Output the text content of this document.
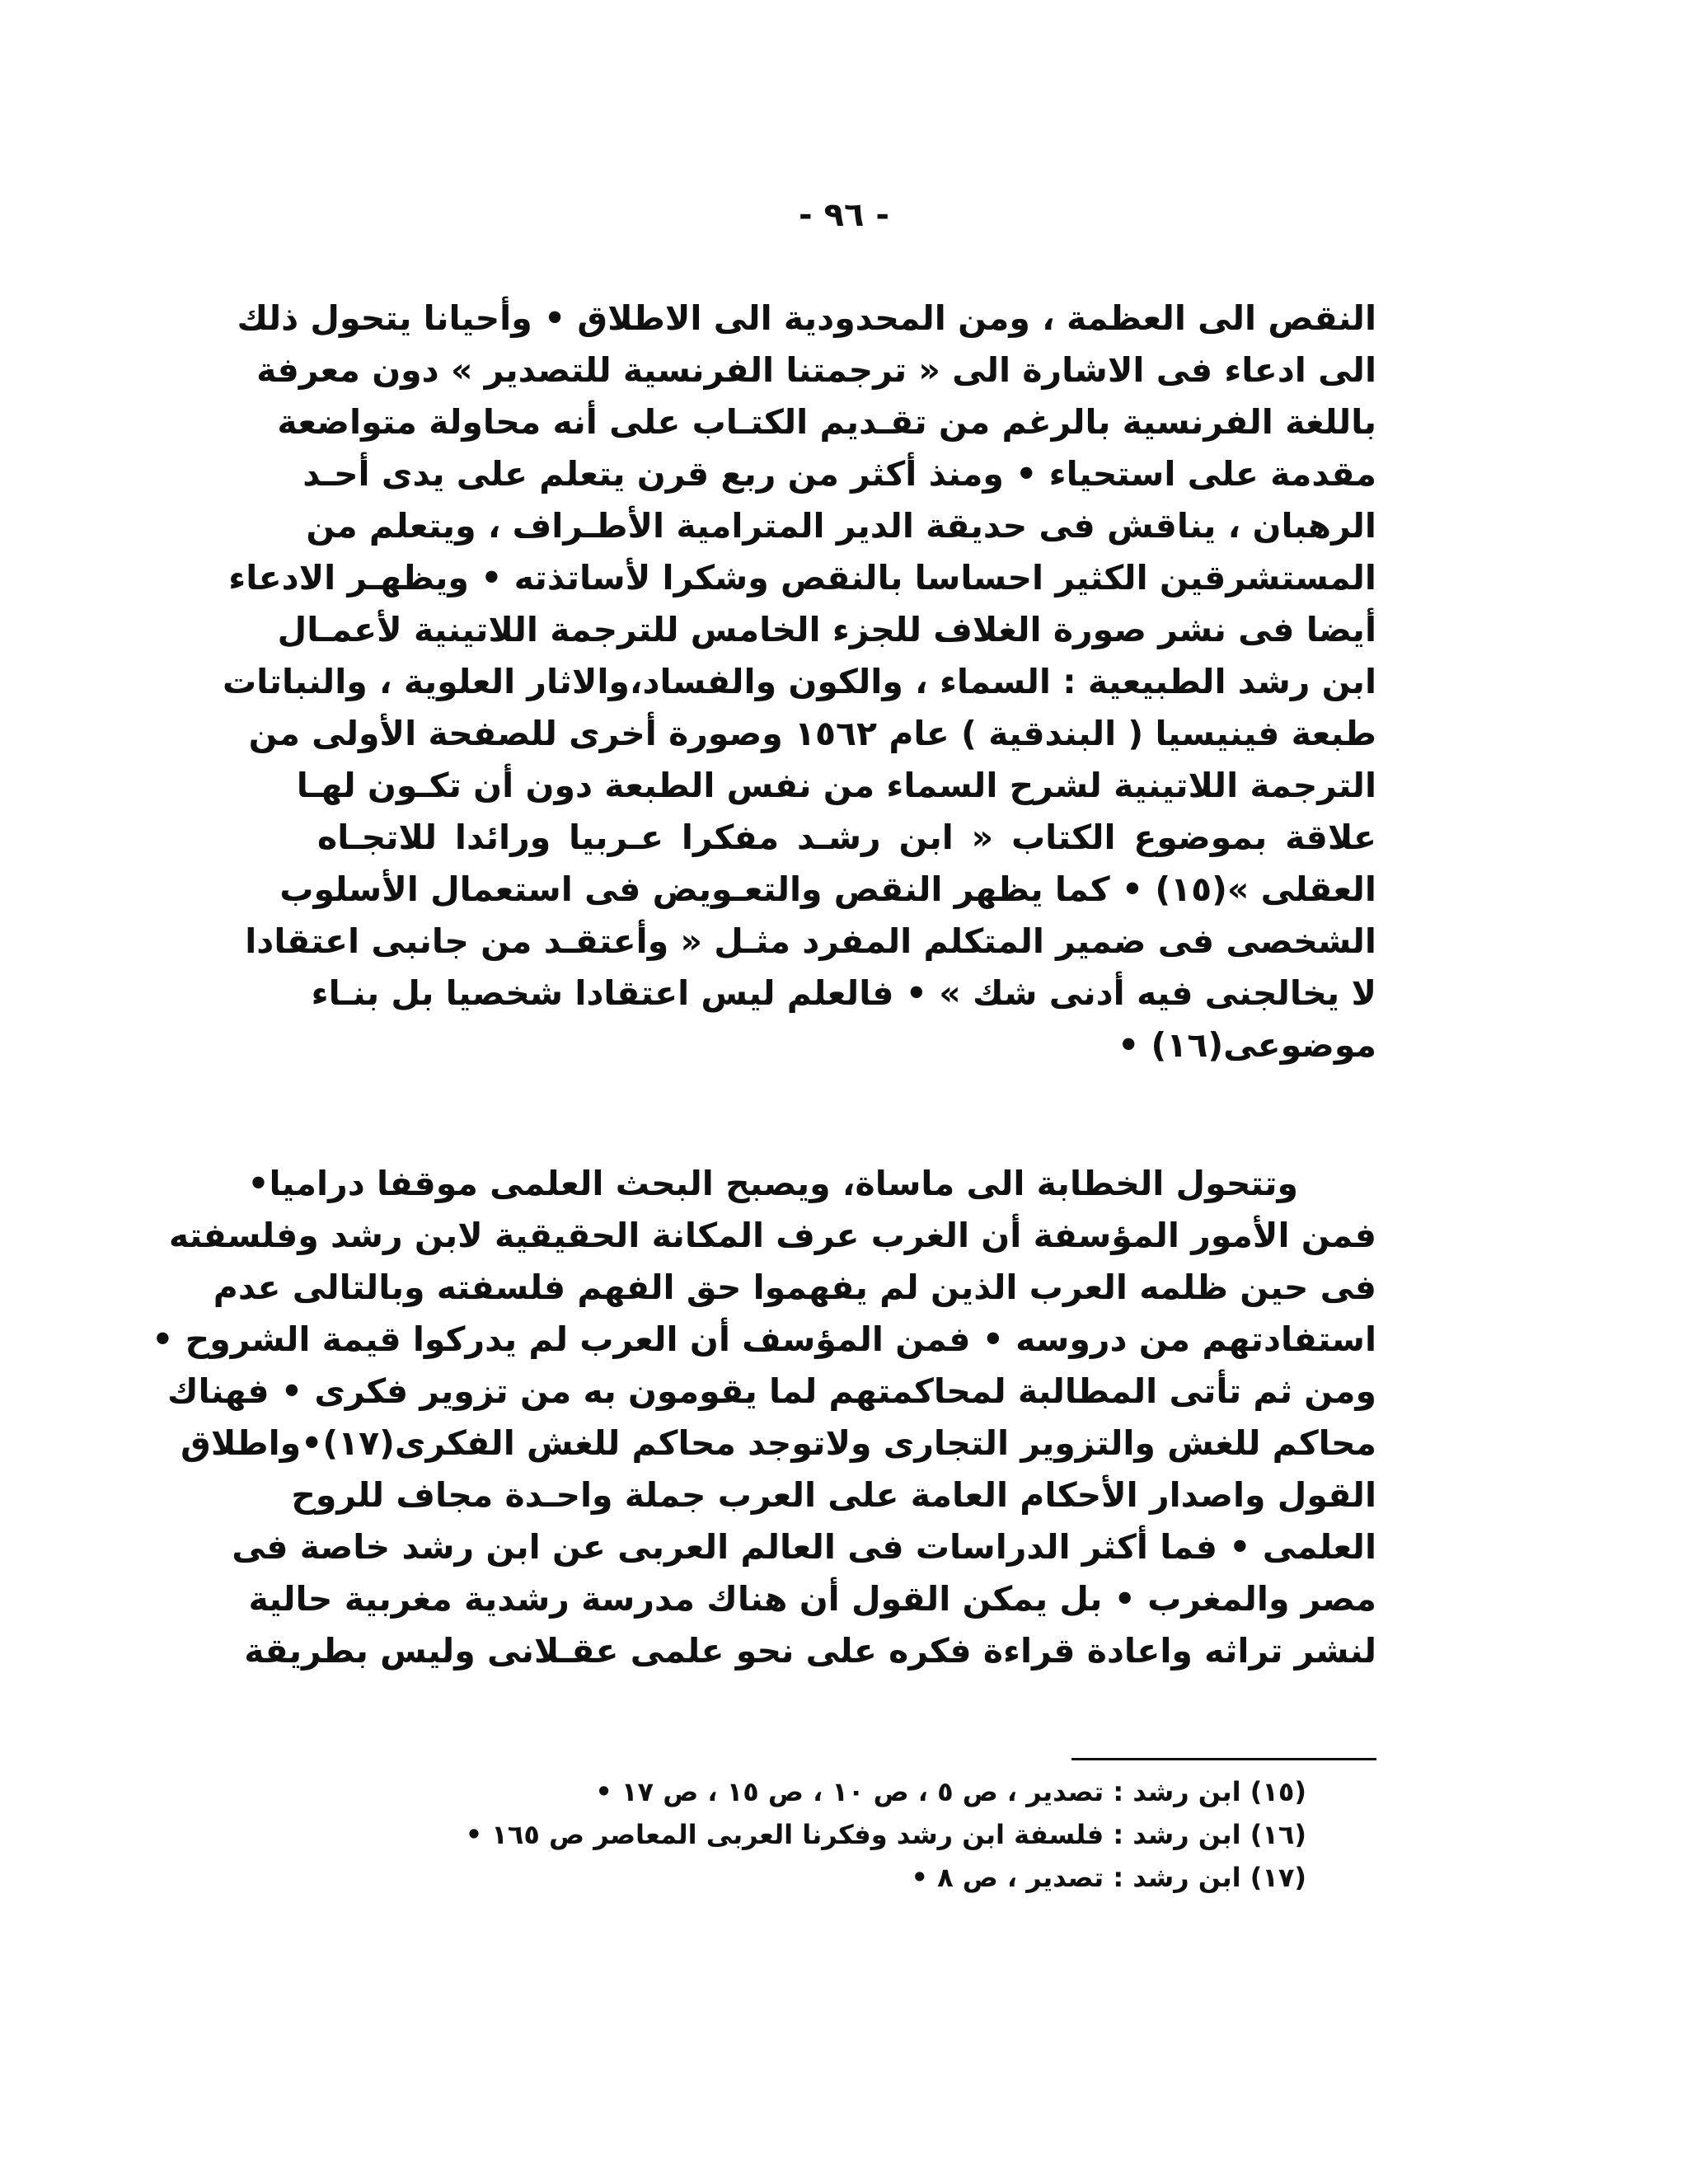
- ٩٦ -
النقص الى العظمة ، ومن المحدودية الى الاطلاق • وأحيانا يتحول ذلك
الى ادعاء فى الاشارة الى « ترجمتنا الفرنسية للتصدير » دون معرفة
باللغة الفرنسية بالرغم من تقـديم الكتـاب على أنه محاولة متواضعة
مقدمة على استحياء • ومنذ أكثر من ربع قرن يتعلم على يدى أحـد
الرهبان ، يناقش فى حديقة الدير المترامية الأطـراف ، ويتعلم من
المستشرقين الكثير احساسا بالنقص وشكرا لأساتذته • ويظهـر الادعاء
أيضا فى نشر صورة الغلاف للجزء الخامس للترجمة اللاتينية لأعمـال
ابن رشد الطبيعية : السماء ، والكون والفساد،والاثار العلوية ، والنباتات
طبعة فينيسيا ( البندقية ) عام ١٥٦٢ وصورة أخرى للصفحة الأولى من
الترجمة اللاتينية لشرح السماء من نفس الطبعة دون أن تكـون لهـا
علاقة بموضوع الكتاب « ابن رشـد مفكرا عـربيا ورائدا للاتجـاه
العقلى »(١٥) • كما يظهر النقص والتعـويض فى استعمال الأسلوب
الشخصى فى ضمير المتكلم المفرد مثـل « وأعتقـد من جانبى اعتقادا
لا يخالجنى فيه أدنى شك » • فالعلم ليس اعتقادا شخصيا بل بنـاء
موضوعى(١٦) •
وتتحول الخطابة الى ماساة، ويصبح البحث العلمى موقفا دراميا•
فمن الأمور المؤسفة أن الغرب عرف المكانة الحقيقية لابن رشد وفلسفته
فى حين ظلمه العرب الذين لم يفهموا حق الفهم فلسفته وبالتالى عدم
استفادتهم من دروسه • فمن المؤسف أن العرب لم يدركوا قيمة الشروح •
ومن ثم تأتى المطالبة لمحاكمتهم لما يقومون به من تزوير فكرى • فهناك
محاكم للغش والتزوير التجارى ولاتوجد محاكم للغش الفكرى(١٧)•واطلاق
القول واصدار الأحكام العامة على العرب جملة واحـدة مجاف للروح
العلمى • فما أكثر الدراسات فى العالم العربى عن ابن رشد خاصة فى
مصر والمغرب • بل يمكن القول أن هناك مدرسة رشدية مغربية حالية
لنشر تراثه واعادة قراءة فكره على نحو علمى عقـلانى وليس بطريقة
(١٥) ابن رشد : تصدير ، ص ٥ ، ص ١٠ ، ص ١٥ ، ص ١٧ •
(١٦) ابن رشد : فلسفة ابن رشد وفكرنا العربى المعاصر ص ١٦٥ •
(١٧) ابن رشد : تصدير ، ص ٨ •
